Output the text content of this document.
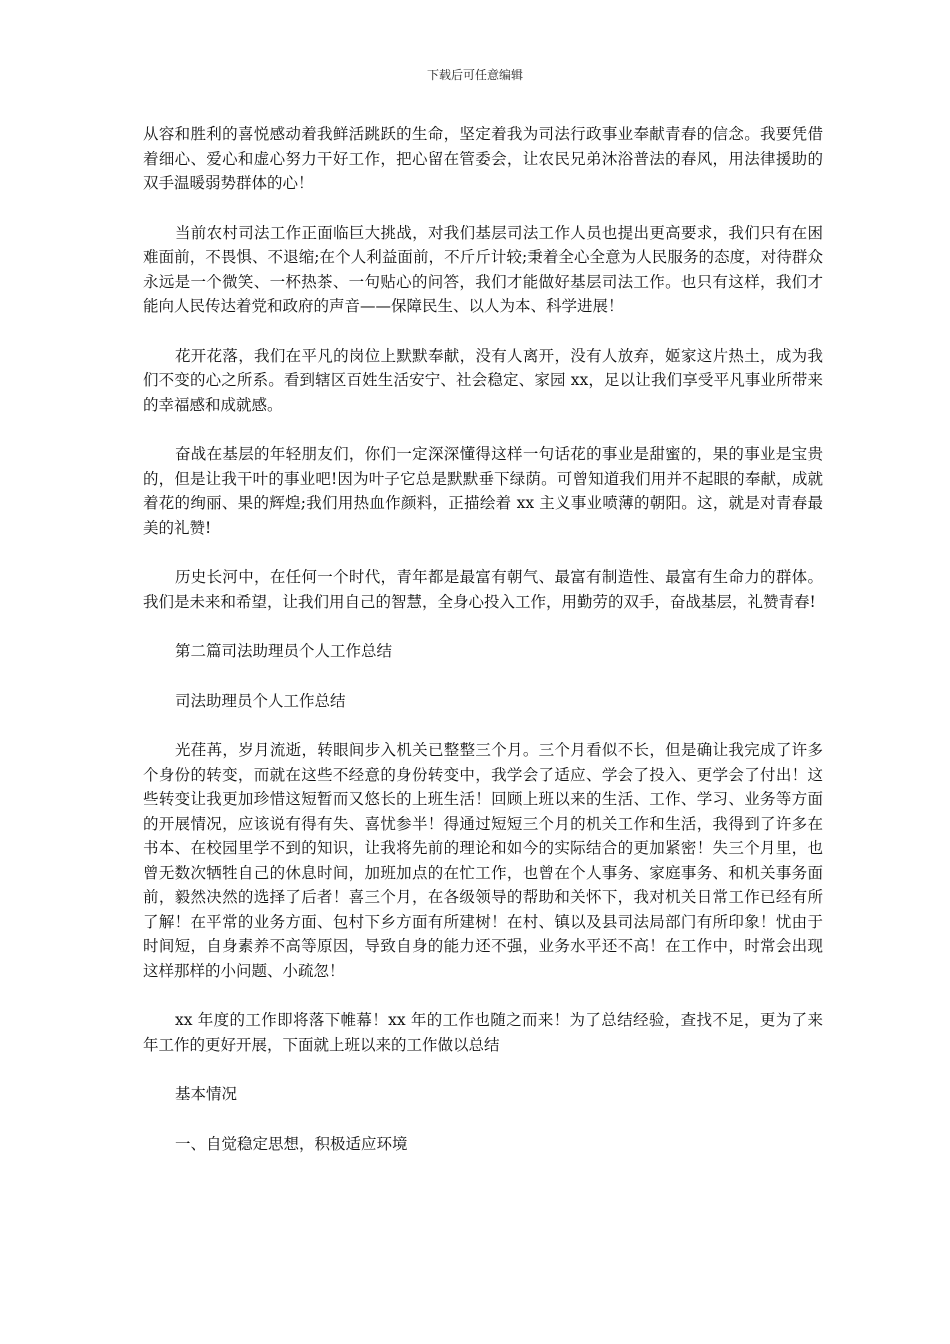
下载后可任意编辑

从容和胜利的喜悦感动着我鲜活跳跃的生命，坚定着我为司法行政事业奉献青春的信念。我要凭借着细心、爱心和虚心努力干好工作，把心留在管委会，让农民兄弟沐浴普法的春风，用法律援助的双手温暖弱势群体的心！

当前农村司法工作正面临巨大挑战，对我们基层司法工作人员也提出更高要求，我们只有在困难面前，不畏惧、不退缩;在个人利益面前，不斤斤计较;秉着全心全意为人民服务的态度，对待群众永远是一个微笑、一杯热茶、一句贴心的问答，我们才能做好基层司法工作。也只有这样，我们才能向人民传达着党和政府的声音——保障民生、以人为本、科学进展！

花开花落，我们在平凡的岗位上默默奉献，没有人离开，没有人放弃，姬家这片热土，成为我们不变的心之所系。看到辖区百姓生活安宁、社会稳定、家园 xx，足以让我们享受平凡事业所带来的幸福感和成就感。

奋战在基层的年轻朋友们，你们一定深深懂得这样一句话花的事业是甜蜜的，果的事业是宝贵的，但是让我干叶的事业吧!因为叶子它总是默默垂下绿荫。可曾知道我们用并不起眼的奉献，成就着花的绚丽、果的辉煌;我们用热血作颜料，正描绘着 xx 主义事业喷薄的朝阳。这，就是对青春最美的礼赞!

历史长河中，在任何一个时代，青年都是最富有朝气、最富有制造性、最富有生命力的群体。我们是未来和希望，让我们用自己的智慧，全身心投入工作，用勤劳的双手，奋战基层，礼赞青春!

第二篇司法助理员个人工作总结

司法助理员个人工作总结

光荏苒，岁月流逝，转眼间步入机关已整整三个月。三个月看似不长，但是确让我完成了许多个身份的转变，而就在这些不经意的身份转变中，我学会了适应、学会了投入、更学会了付出！这些转变让我更加珍惜这短暂而又悠长的上班生活！回顾上班以来的生活、工作、学习、业务等方面的开展情况，应该说有得有失、喜忧参半！得通过短短三个月的机关工作和生活，我得到了许多在书本、在校园里学不到的知识，让我将先前的理论和如今的实际结合的更加紧密！失三个月里，也曾无数次牺牲自己的休息时间，加班加点的在忙工作，也曾在个人事务、家庭事务、和机关事务面前，毅然决然的选择了后者！喜三个月，在各级领导的帮助和关怀下，我对机关日常工作已经有所了解！在平常的业务方面、包村下乡方面有所建树！在村、镇以及县司法局部门有所印象！忧由于时间短，自身素养不高等原因，导致自身的能力还不强，业务水平还不高！在工作中，时常会出现这样那样的小问题、小疏忽！

xx 年度的工作即将落下帷幕！xx 年的工作也随之而来！为了总结经验，查找不足，更为了来年工作的更好开展，下面就上班以来的工作做以总结

基本情况

一、自觉稳定思想，积极适应环境
